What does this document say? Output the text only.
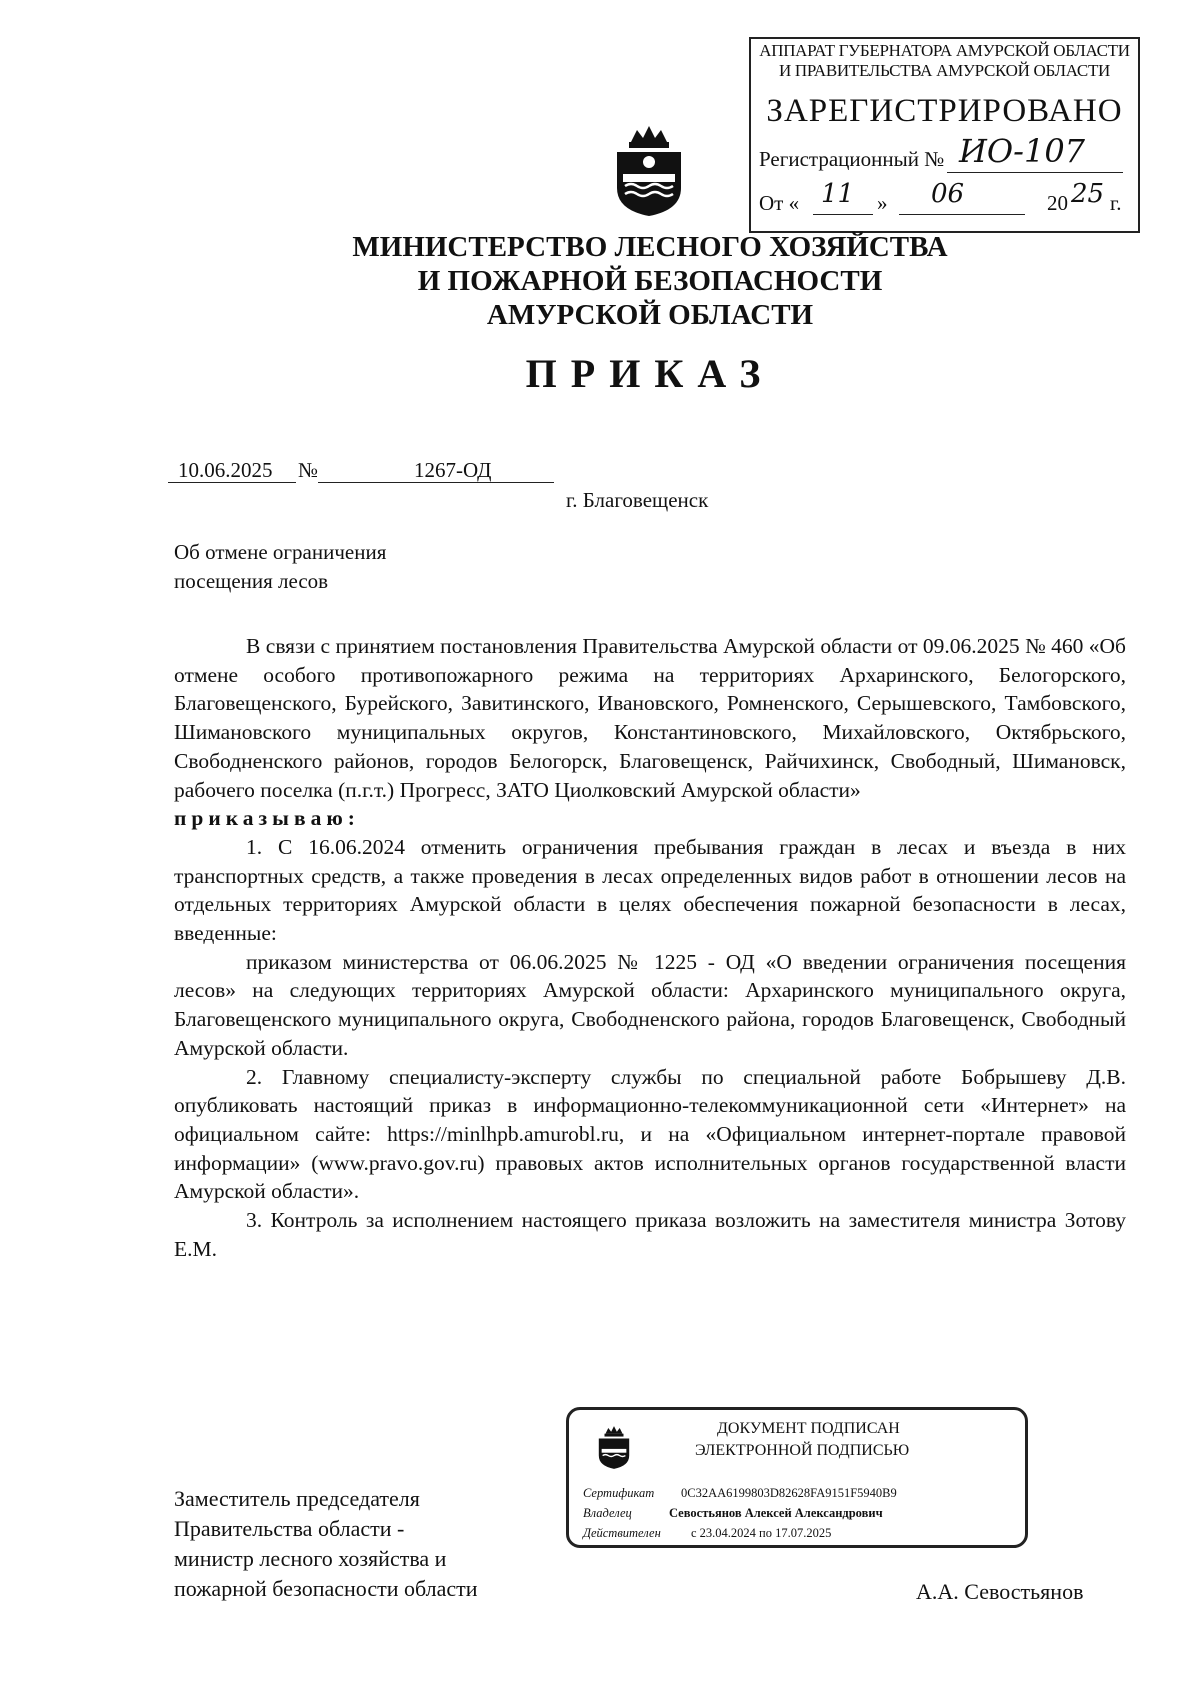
АППАРАТ ГУБЕРНАТОРА АМУРСКОЙ ОБЛАСТИ
И ПРАВИТЕЛЬСТВА АМУРСКОЙ ОБЛАСТИ
ЗАРЕГИСТРИРОВАНО
Регистрационный № ИО-107
От « 11 » 06	20 25 г.
МИНИСТЕРСТВО ЛЕСНОГО ХОЗЯЙСТВА
И ПОЖАРНОЙ БЕЗОПАСНОСТИ
АМУРСКОЙ ОБЛАСТИ
ПРИКАЗ
10.06.2025 №	1267-ОД
г. Благовещенск
Об отмене ограничения
посещения лесов

В связи с принятием постановления Правительства Амурской области от 09.06.2025 № 460 «Об отмене особого противопожарного режима на территориях Архаринского, Белогорского, Благовещенского, Бурейского, Завитинского, Ивановского, Ромненского, Серышевского, Тамбовского, Шимановского муниципальных округов, Константиновского, Михайловского, Октябрьского, Свободненского районов, городов Белогорск, Благовещенск, Райчихинск, Свободный, Шимановск, рабочего поселка (п.г.т.) Прогресс, ЗАТО Циолковский Амурской области»

приказываю:

1. С 16.06.2024 отменить ограничения пребывания граждан в лесах и въезда в них транспортных средств, а также проведения в лесах определенных видов работ в отношении лесов на отдельных территориях Амурской области в целях обеспечения пожарной безопасности в лесах, введенные:

приказом министерства от 06.06.2025 № 1225 - ОД «О введении ограничения посещения лесов» на следующих территориях Амурской области: Архаринского муниципального округа, Благовещенского муниципального округа, Свободненского района, городов Благовещенск, Свободный Амурской области.

2. Главному специалисту-эксперту службы по специальной работе Бобрышеву Д.В. опубликовать настоящий приказ в информационно-телекоммуникационной сети «Интернет» на официальном сайте: https://minlhpb.amurobl.ru, и на «Официальном интернет-портале правовой информации» (www.pravo.gov.ru) правовых актов исполнительных органов государственной власти Амурской области».

3. Контроль за исполнением настоящего приказа возложить на заместителя министра Зотову Е.М.

Заместитель председателя
Правительства области -
министр лесного хозяйства и
пожарной безопасности области	А.А. Севостьянов
ДОКУМЕНТ ПОДПИСАН
ЭЛЕКТРОННОЙ ПОДПИСЬЮ
Сертификат 0C32AA6199803D82628FA9151F5940B9
Владелец	Севостьянов Алексей Александрович
Действителен с 23.04.2024 по 17.07.2025
